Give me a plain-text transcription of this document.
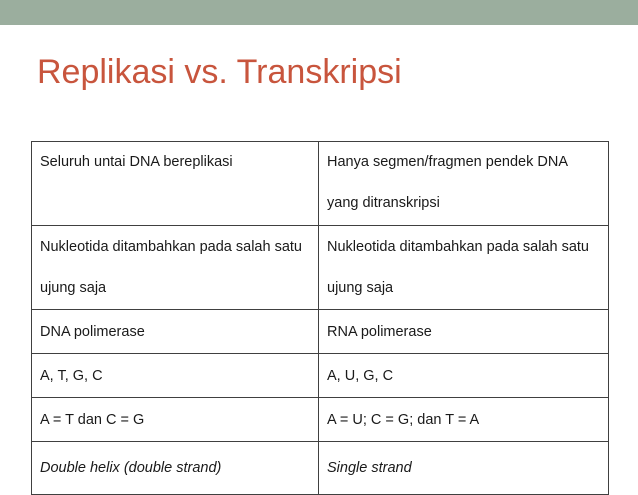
Replikasi vs. Transkripsi
Seluruh untai DNA bereplikasi	Hanya segmen/fragmen pendek DNA yang ditranskripsi
Nukleotida ditambahkan pada salah satu ujung saja	Nukleotida ditambahkan pada salah satu ujung saja
DNA polimerase	RNA polimerase
A, T, G, C	A, U, G, C
A = T dan C = G	A = U; C = G; dan T = A
Double helix (double strand)	Single strand
